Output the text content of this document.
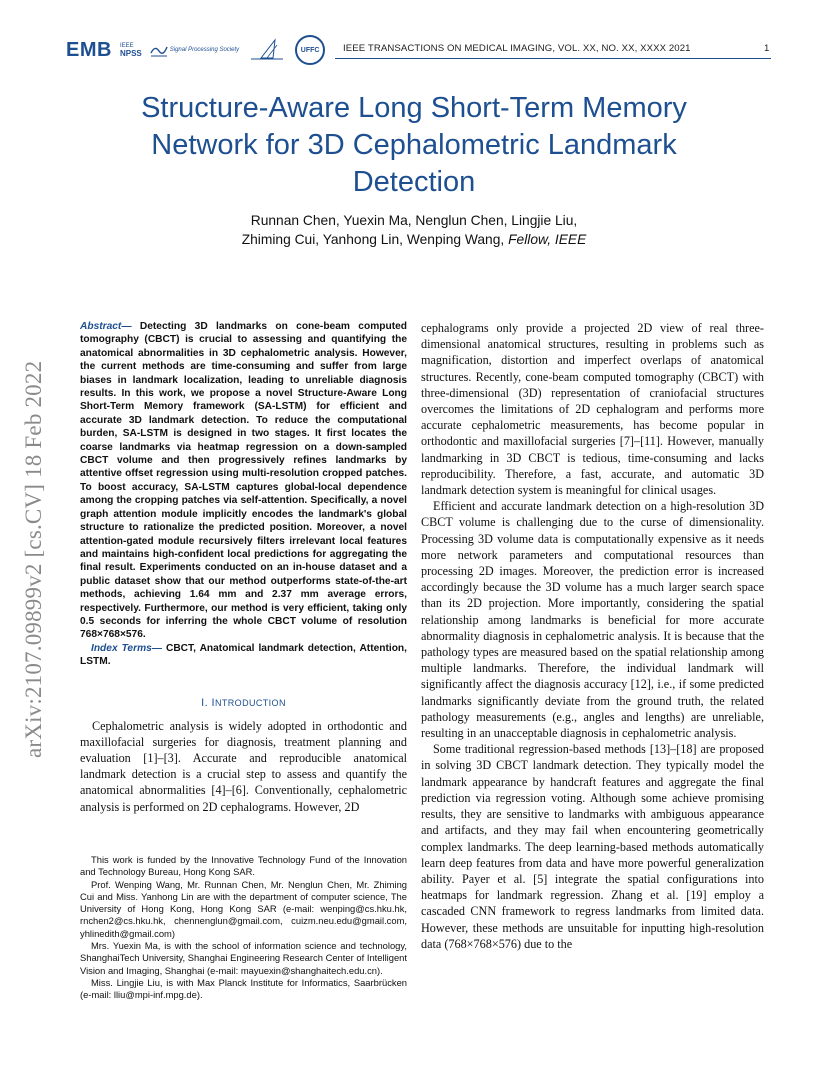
EMB IEEE
NPSS	Signal Processing Society	UFFC	IEEE TRANSACTIONS ON MEDICAL IMAGING, VOL. XX, NO. XX, XXXX 2021	1
arXiv:2107.09899v2 [cs.CV] 18 Feb 2022
Structure-Aware Long Short-Term Memory
Network for 3D Cephalometric Landmark
Detection
Runnan Chen, Yuexin Ma, Nenglun Chen, Lingjie Liu,
Zhiming Cui, Yanhong Lin, Wenping Wang, Fellow, IEEE

Abstract— Detecting 3D landmarks on cone-beam computed tomography (CBCT) is crucial to assessing and quantifying the anatomical abnormalities in 3D cephalometric analysis. However, the current methods are time-consuming and suffer from large biases in landmark localization, leading to unreliable diagnosis results. In this work, we propose a novel Structure-Aware Long Short-Term Memory framework (SA-LSTM) for efficient and accurate 3D landmark detection. To reduce the computational burden, SA-LSTM is designed in two stages. It first locates the coarse landmarks via heatmap regression on a down-sampled CBCT volume and then progressively refines landmarks by attentive offset regression using multi-resolution cropped patches. To boost accuracy, SA-LSTM captures global-local dependence among the cropping patches via self-attention. Specifically, a novel graph attention module implicitly encodes the landmark's global structure to rationalize the predicted position. Moreover, a novel attention-gated module recursively filters irrelevant local features and maintains high-confident local predictions for aggregating the final result. Experiments conducted on an in-house dataset and a public dataset show that our method outperforms state-of-the-art methods, achieving 1.64 mm and 2.37 mm average errors, respectively. Furthermore, our method is very efficient, taking only 0.5 seconds for inferring the whole CBCT volume of resolution 768×768×576.

Index Terms— CBCT, Anatomical landmark detection, Attention, LSTM.

I. INTRODUCTION

Cephalometric analysis is widely adopted in orthodontic and maxillofacial surgeries for diagnosis, treatment planning and evaluation [1]–[3]. Accurate and reproducible anatomical landmark detection is a crucial step to assess and quantify the anatomical abnormalities [4]–[6]. Conventionally, cephalometric analysis is performed on 2D cephalograms. However, 2D

This work is funded by the Innovative Technology Fund of the Innovation and Technology Bureau, Hong Kong SAR.

Prof. Wenping Wang, Mr. Runnan Chen, Mr. Nenglun Chen, Mr. Zhiming Cui and Miss. Yanhong Lin are with the department of computer science, The University of Hong Kong, Hong Kong SAR (e-mail: wenping@cs.hku.hk, rnchen2@cs.hku.hk, chennenglun@gmail.com, cuizm.neu.edu@gmail.com, yhlinedith@gmail.com)

Mrs. Yuexin Ma, is with the school of information science and technology, ShanghaiTech University, Shanghai Engineering Research Center of Intelligent Vision and Imaging, Shanghai (e-mail: mayuexin@shanghaitech.edu.cn).

Miss. Lingjie Liu, is with Max Planck Institute for Informatics, Saarbrücken (e-mail: lliu@mpi-inf.mpg.de).

cephalograms only provide a projected 2D view of real three-dimensional anatomical structures, resulting in problems such as magnification, distortion and imperfect overlaps of anatomical structures. Recently, cone-beam computed tomography (CBCT) with three-dimensional (3D) representation of craniofacial structures overcomes the limitations of 2D cephalogram and performs more accurate cephalometric measurements, has become popular in orthodontic and maxillofacial surgeries [7]–[11]. However, manually landmarking in 3D CBCT is tedious, time-consuming and lacks reproducibility. Therefore, a fast, accurate, and automatic 3D landmark detection system is meaningful for clinical usages.

Efficient and accurate landmark detection on a high-resolution 3D CBCT volume is challenging due to the curse of dimensionality. Processing 3D volume data is computationally expensive as it needs more network parameters and computational resources than processing 2D images. Moreover, the prediction error is increased accordingly because the 3D volume has a much larger search space than its 2D projection. More importantly, considering the spatial relationship among landmarks is beneficial for more accurate abnormality diagnosis in cephalometric analysis. It is because that the pathology types are measured based on the spatial relationship among multiple landmarks. Therefore, the individual landmark will significantly affect the diagnosis accuracy [12], i.e., if some predicted landmarks significantly deviate from the ground truth, the related pathology measurements (e.g., angles and lengths) are unreliable, resulting in an unacceptable diagnosis in cephalometric analysis.

Some traditional regression-based methods [13]–[18] are proposed in solving 3D CBCT landmark detection. They typically model the landmark appearance by handcraft features and aggregate the final prediction via regression voting. Although some achieve promising results, they are sensitive to landmarks with ambiguous appearance and artifacts, and they may fail when encountering geometrically complex landmarks. The deep learning-based methods automatically learn deep features from data and have more powerful generalization ability. Payer et al. [5] integrate the spatial configurations into heatmaps for landmark regression. Zhang et al. [19] employ a cascaded CNN framework to regress landmarks from limited data. However, these methods are unsuitable for inputting high-resolution data (768×768×576) due to the
